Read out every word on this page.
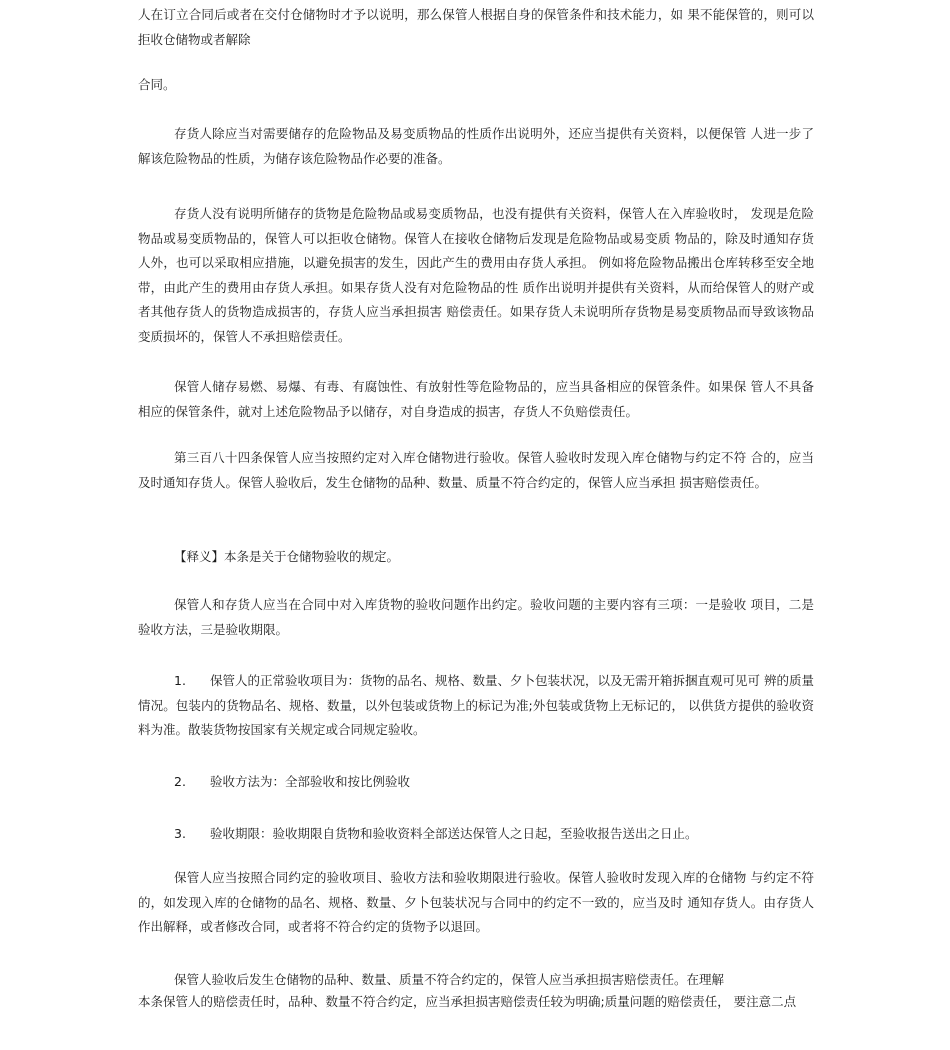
人在订立合同后或者在交付仓储物时才予以说明，那么保管人根据自身的保管条件和技术能力，如 果不能保管的，则可以拒收仓储物或者解除

合同。

存货人除应当对需要储存的危险物品及易变质物品的性质作出说明外，还应当提供有关资料，以便保管 人进一步了解该危险物品的性质，为储存该危险物品作必要的准备。

存货人没有说明所储存的货物是危险物品或易变质物品，也没有提供有关资料，保管人在入库验收时， 发现是危险物品或易变质物品的，保管人可以拒收仓储物。保管人在接收仓储物后发现是危险物品或易变质 物品的，除及时通知存货人外，也可以采取相应措施，以避免损害的发生，因此产生的费用由存货人承担。 例如将危险物品搬出仓库转移至安全地带，由此产生的费用由存货人承担。如果存货人没有对危险物品的性 质作出说明并提供有关资料，从而给保管人的财产或者其他存货人的货物造成损害的，存货人应当承担损害 赔偿责任。如果存货人未说明所存货物是易变质物品而导致该物品变质损坏的，保管人不承担赔偿责任。

保管人储存易燃、易爆、有毒、有腐蚀性、有放射性等危险物品的，应当具备相应的保管条件。如果保 管人不具备相应的保管条件，就对上述危险物品予以储存，对自身造成的损害，存货人不负赔偿责任。

第三百八十四条保管人应当按照约定对入库仓储物进行验收。保管人验收时发现入库仓储物与约定不符 合的，应当及时通知存货人。保管人验收后，发生仓储物的品种、数量、质量不符合约定的，保管人应当承担 损害赔偿责任。

【释义】本条是关于仓储物验收的规定。

保管人和存货人应当在合同中对入库货物的验收问题作出约定。验收问题的主要内容有三项：一是验收 项目，二是验收方法，三是验收期限。

1. 保管人的正常验收项目为：货物的品名、规格、数量、夕卜包装状况，以及无需开箱拆捆直观可见可 辨的质量情况。包装内的货物品名、规格、数量，以外包装或货物上的标记为准;外包装或货物上无标记的， 以供货方提供的验收资料为准。散装货物按国家有关规定或合同规定验收。

2. 验收方法为：全部验收和按比例验收

3. 验收期限：验收期限自货物和验收资料全部送达保管人之日起，至验收报告送出之日止。

保管人应当按照合同约定的验收项目、验收方法和验收期限进行验收。保管人验收时发现入库的仓储物 与约定不符的，如发现入库的仓储物的品名、规格、数量、夕卜包装状况与合同中的约定不一致的，应当及时 通知存货人。由存货人作出解释，或者修改合同，或者将不符合约定的货物予以退回。

保管人验收后发生仓储物的品种、数量、质量不符合约定的，保管人应当承担损害赔偿责任。在理解

本条保管人的赔偿责任时，品种、数量不符合约定，应当承担损害赔偿责任较为明确;质量问题的赔偿责任， 要注意二点
